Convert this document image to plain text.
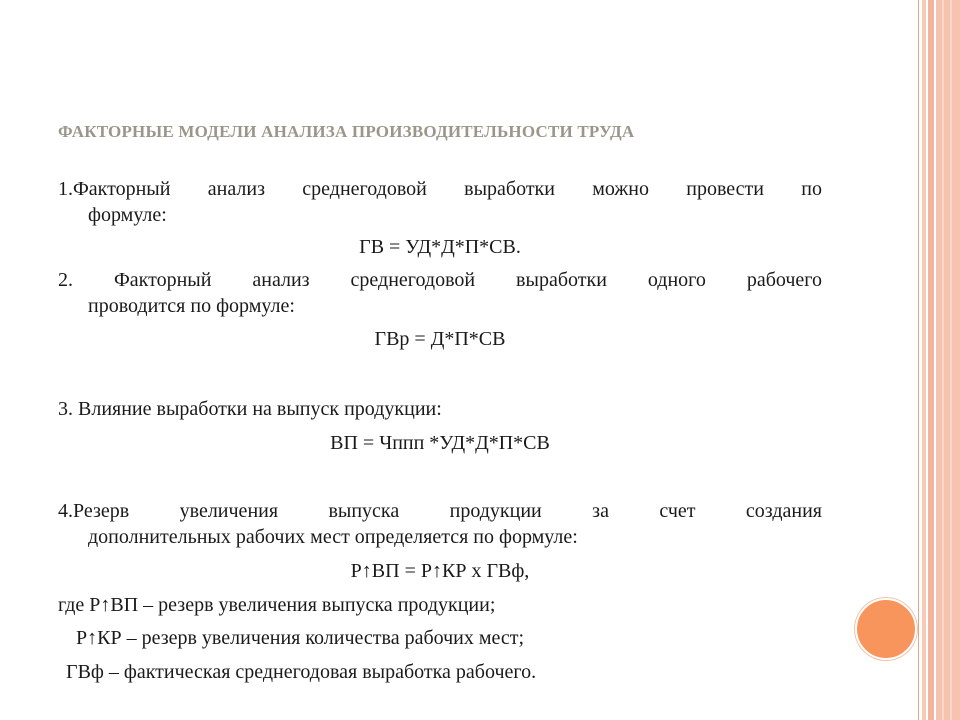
ФАКТОРНЫЕ МОДЕЛИ АНАЛИЗА ПРОИЗВОДИТЕЛЬНОСТИ ТРУДА
1.Факторный анализ среднегодовой выработки можно провести по
формуле:
ГВ = УД*Д*П*СВ.
2. Факторный анализ среднегодовой выработки одного рабочего
проводится по формуле:
ГВр = Д*П*СВ
3. Влияние выработки на выпуск продукции:
ВП = Чппп *УД*Д*П*СВ
4.Резерв увеличения выпуска продукции за счет создания
дополнительных рабочих мест определяется по формуле:
Р↑ВП = Р↑КР х ГВф,
где Р↑ВП – резерв увеличения выпуска продукции;
Р↑КР – резерв увеличения количества рабочих мест;
ГВф – фактическая среднегодовая выработка рабочего.
